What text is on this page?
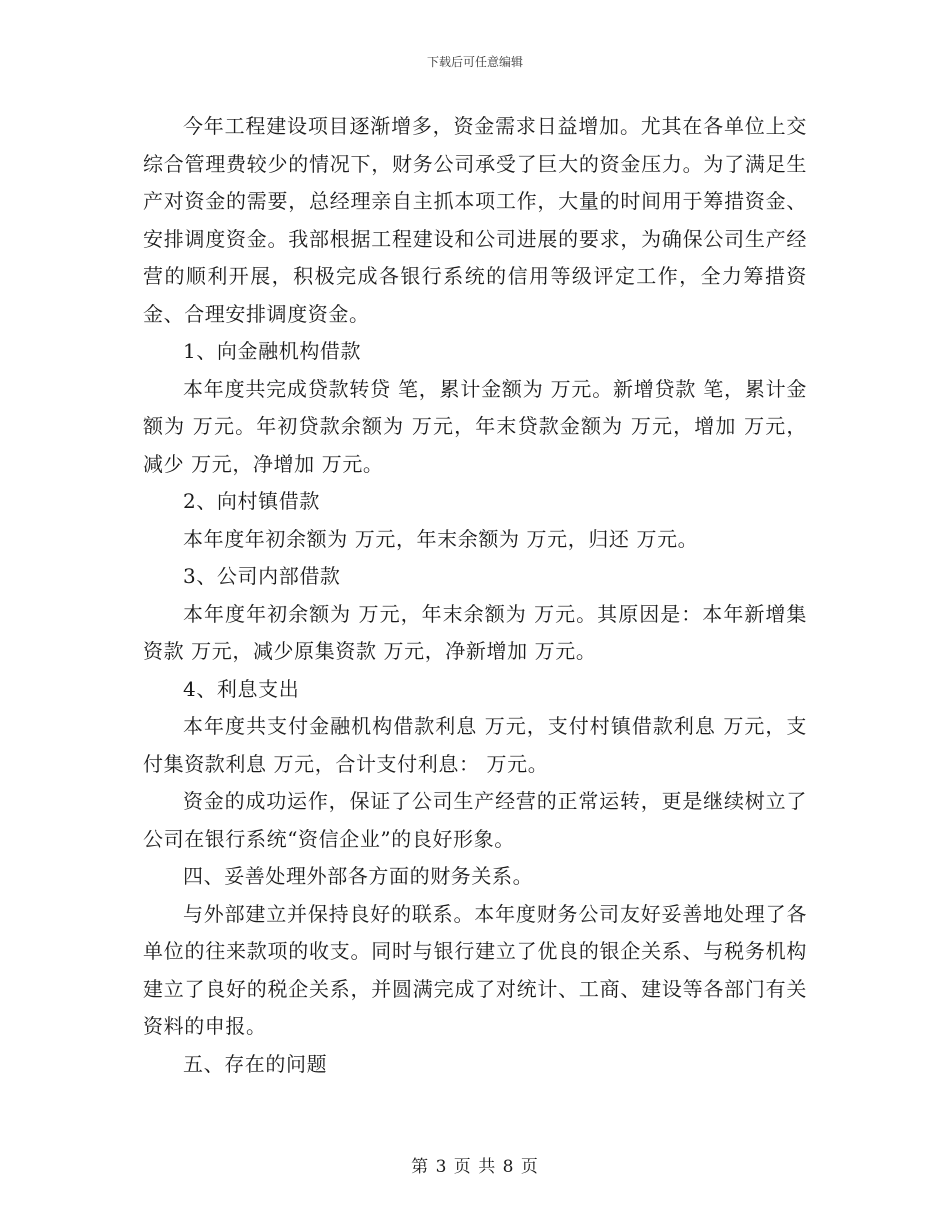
下载后可任意编辑

今年工程建设项目逐渐增多，资金需求日益增加。尤其在各单位上交综合管理费较少的情况下，财务公司承受了巨大的资金压力。为了满足生产对资金的需要，总经理亲自主抓本项工作，大量的时间用于筹措资金、安排调度资金。我部根据工程建设和公司进展的要求，为确保公司生产经营的顺利开展，积极完成各银行系统的信用等级评定工作，全力筹措资金、合理安排调度资金。

1、向金融机构借款

本年度共完成贷款转贷 笔，累计金额为 万元。新增贷款 笔，累计金额为 万元。年初贷款余额为 万元，年末贷款金额为 万元，增加 万元，减少 万元，净增加 万元。

2、向村镇借款

本年度年初余额为 万元，年末余额为 万元，归还 万元。

3、公司内部借款

本年度年初余额为 万元，年末余额为 万元。其原因是：本年新增集资款 万元，减少原集资款 万元，净新增加 万元。

4、利息支出

本年度共支付金融机构借款利息 万元，支付村镇借款利息 万元，支付集资款利息 万元，合计支付利息： 万元。

资金的成功运作，保证了公司生产经营的正常运转，更是继续树立了公司在银行系统“资信企业”的良好形象。

四、妥善处理外部各方面的财务关系。

与外部建立并保持良好的联系。本年度财务公司友好妥善地处理了各单位的往来款项的收支。同时与银行建立了优良的银企关系、与税务机构建立了良好的税企关系，并圆满完成了对统计、工商、建设等各部门有关资料的申报。

五、存在的问题

第 3 页 共 8 页
